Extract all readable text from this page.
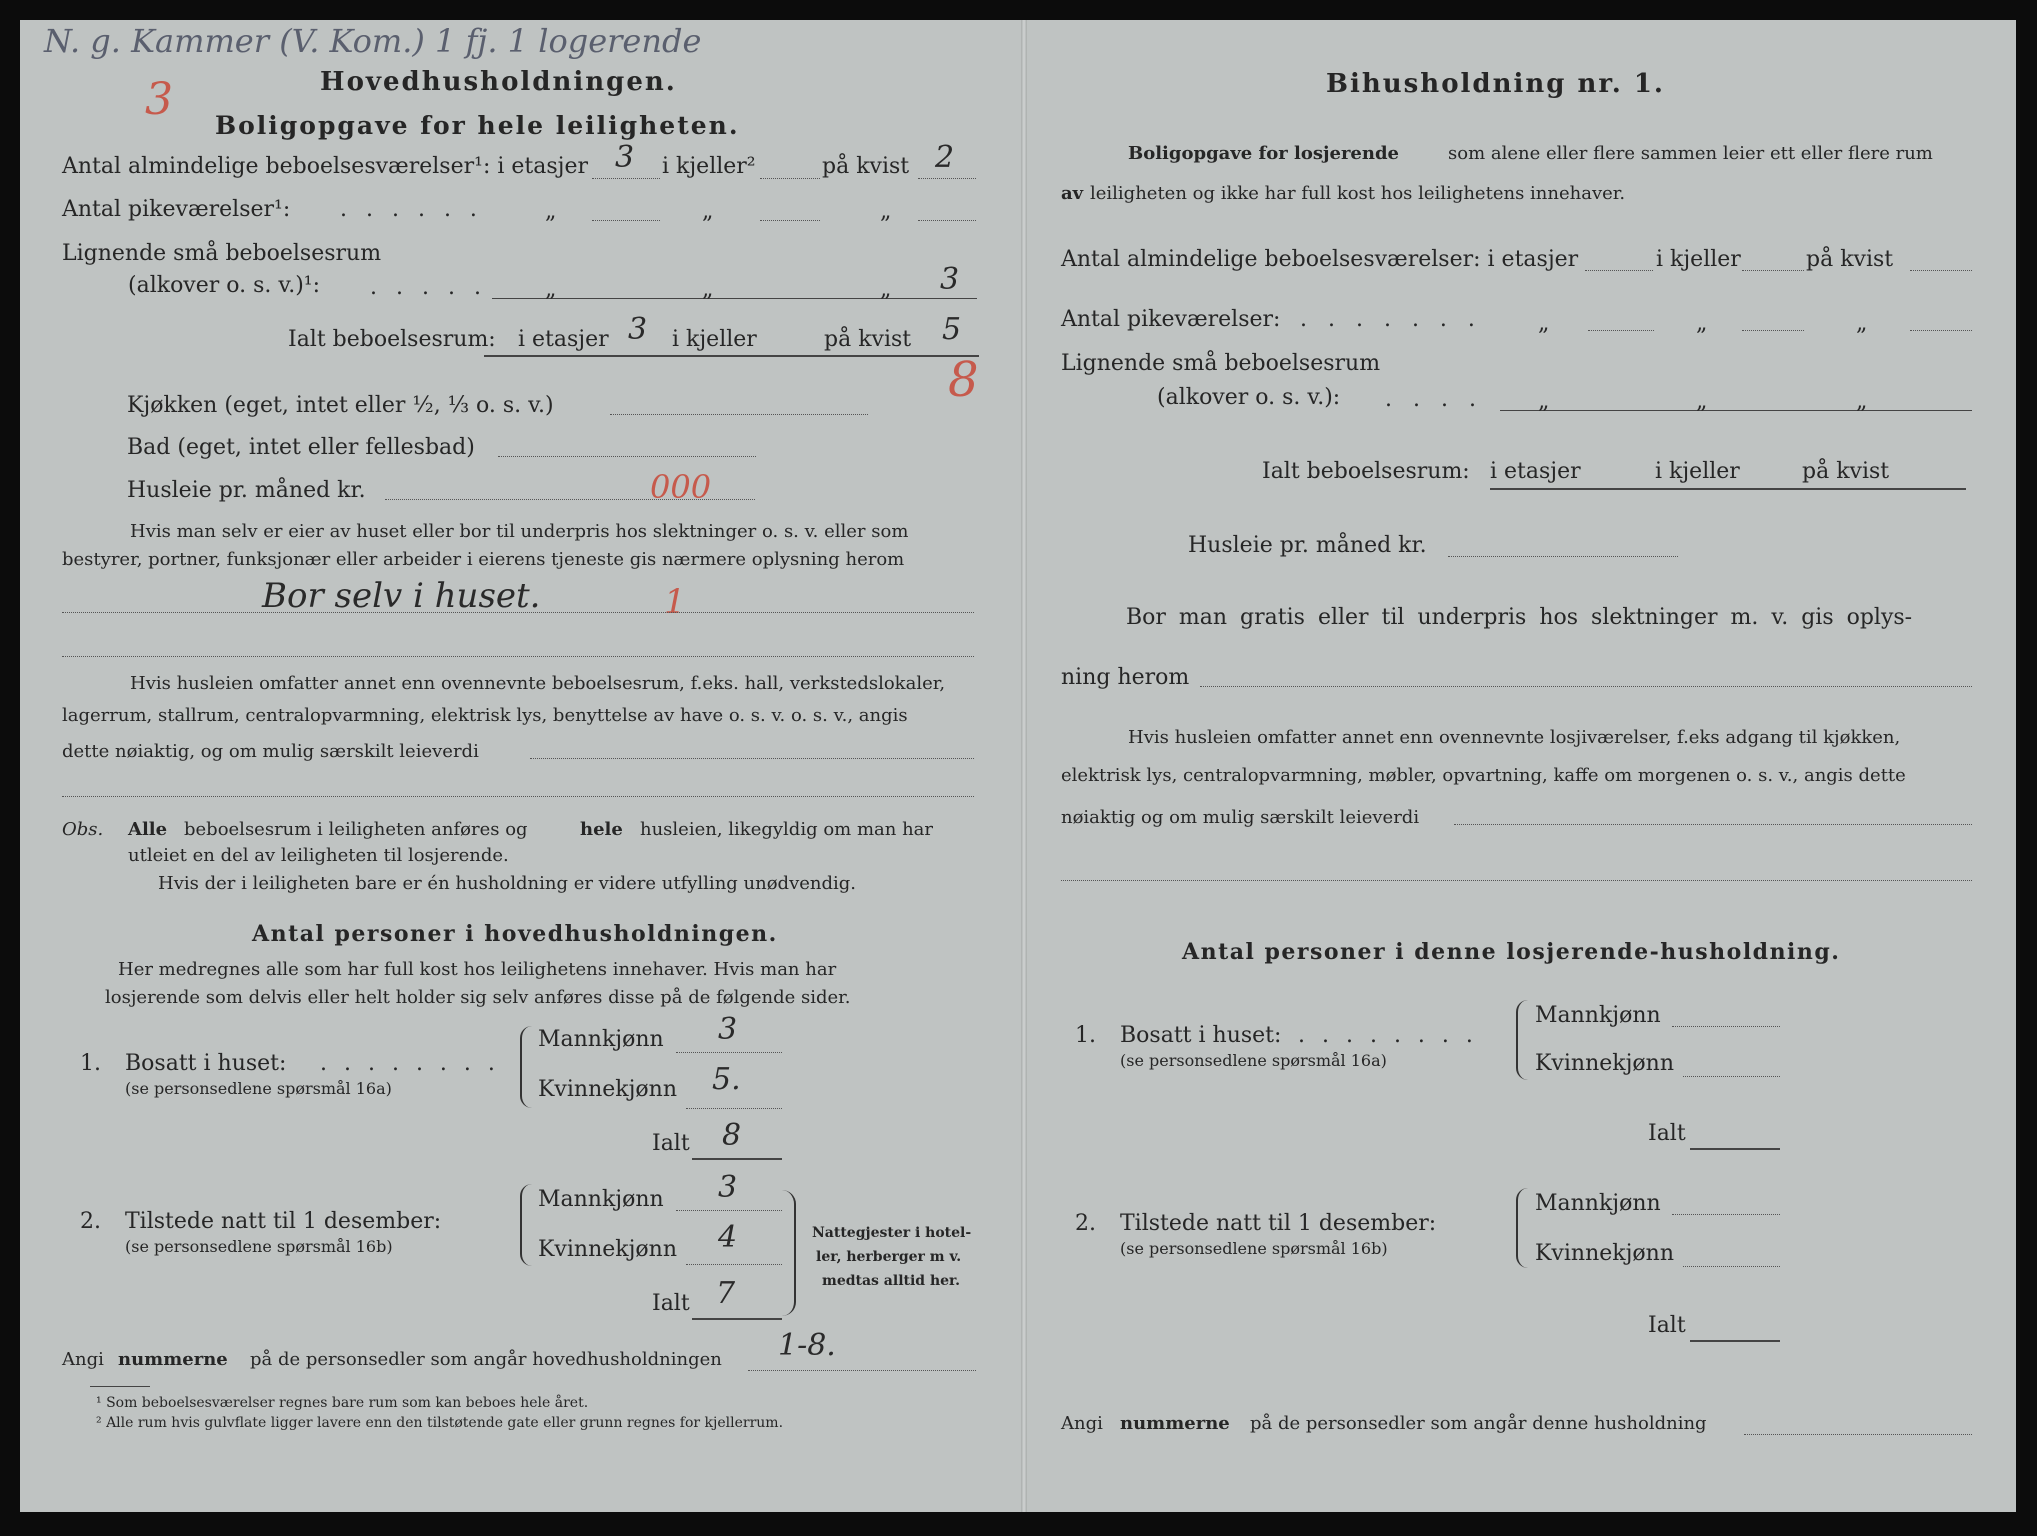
N. g. Kammer (V. Kom.) 1 fj. 1 logerende
3	Hovedhusholdningen.
Boligopgave for hele leiligheten.
Antal almindelige beboelsesværelser¹: i etasjer 3 i kjeller²	på kvist 2
Antal pikeværelser¹: . . . . . .	„	„	„
Lignende små beboelsesrum
(alkover o. s. v.)¹: . . . . .	„	„	„ 3
Ialt beboelsesrum: i etasjer 3 i kjeller	på kvist 5
8
Kjøkken (eget, intet eller ½, ⅓ o. s. v.)
Bad (eget, intet eller fellesbad)
Husleie pr. måned kr.	000
Hvis man selv er eier av huset eller bor til underpris hos slektninger o. s. v. eller som
bestyrer, portner, funksjonær eller arbeider i eierens tjeneste gis nærmere oplysning herom
Bor selv i huset.	1
Hvis husleien omfatter annet enn ovennevnte beboelsesrum, f.eks. hall, verkstedslokaler,
lagerrum, stallrum, centralopvarmning, elektrisk lys, benyttelse av have o. s. v. o. s. v., angis
dette nøiaktig, og om mulig særskilt leieverdi
Obs. Alle beboelsesrum i leiligheten anføres og	hele husleien, likegyldig om man har
utleiet en del av leiligheten til losjerende.
Hvis der i leiligheten bare er én husholdning er videre utfylling unødvendig.
Antal personer i hovedhusholdningen.
Her medregnes alle som har full kost hos leilighetens innehaver. Hvis man har
losjerende som delvis eller helt holder sig selv anføres disse på de følgende sider.
1. Bosatt i huset: . . . . . . . .
(se personsedlene spørsmål 16a)
Mannkjønn 3
Kvinnekjønn 5.
Ialt 8
2. Tilstede natt til 1 desember:
(se personsedlene spørsmål 16b)
Mannkjønn 3
Kvinnekjønn 4
Ialt 7
Nattegjester i hotel-
ler, herberger m v.
medtas alltid her.
Angi nummerne på de personsedler som angår hovedhusholdningen 1-8.
¹ Som beboelsesværelser regnes bare rum som kan beboes hele året.
² Alle rum hvis gulvflate ligger lavere enn den tilstøtende gate eller grunn regnes for kjellerrum.
Bihusholdning nr. 1.
Boligopgave for losjerende	som alene eller flere sammen leier ett eller flere rum
av leiligheten og ikke har full kost hos leilighetens innehaver.
Antal almindelige beboelsesværelser: i etasjer	i kjeller	på kvist
Antal pikeværelser: . . . . . . .	„	„	„
Lignende små beboelsesrum
(alkover o. s. v.): . . . .	„	„	„
Ialt beboelsesrum: i etasjer	i kjeller	på kvist
Husleie pr. måned kr.
Bor man gratis eller til underpris hos slektninger m. v. gis oplys-
ning herom
Hvis husleien omfatter annet enn ovennevnte losjiværelser, f.eks adgang til kjøkken,
elektrisk lys, centralopvarmning, møbler, opvartning, kaffe om morgenen o. s. v., angis dette
nøiaktig og om mulig særskilt leieverdi
Antal personer i denne losjerende-husholdning.
1. Bosatt i huset: . . . . . . . .
(se personsedlene spørsmål 16a)
Mannkjønn
Kvinnekjønn
Ialt
2. Tilstede natt til 1 desember:
(se personsedlene spørsmål 16b)
Mannkjønn
Kvinnekjønn
Ialt
Angi nummerne på de personsedler som angår denne husholdning
